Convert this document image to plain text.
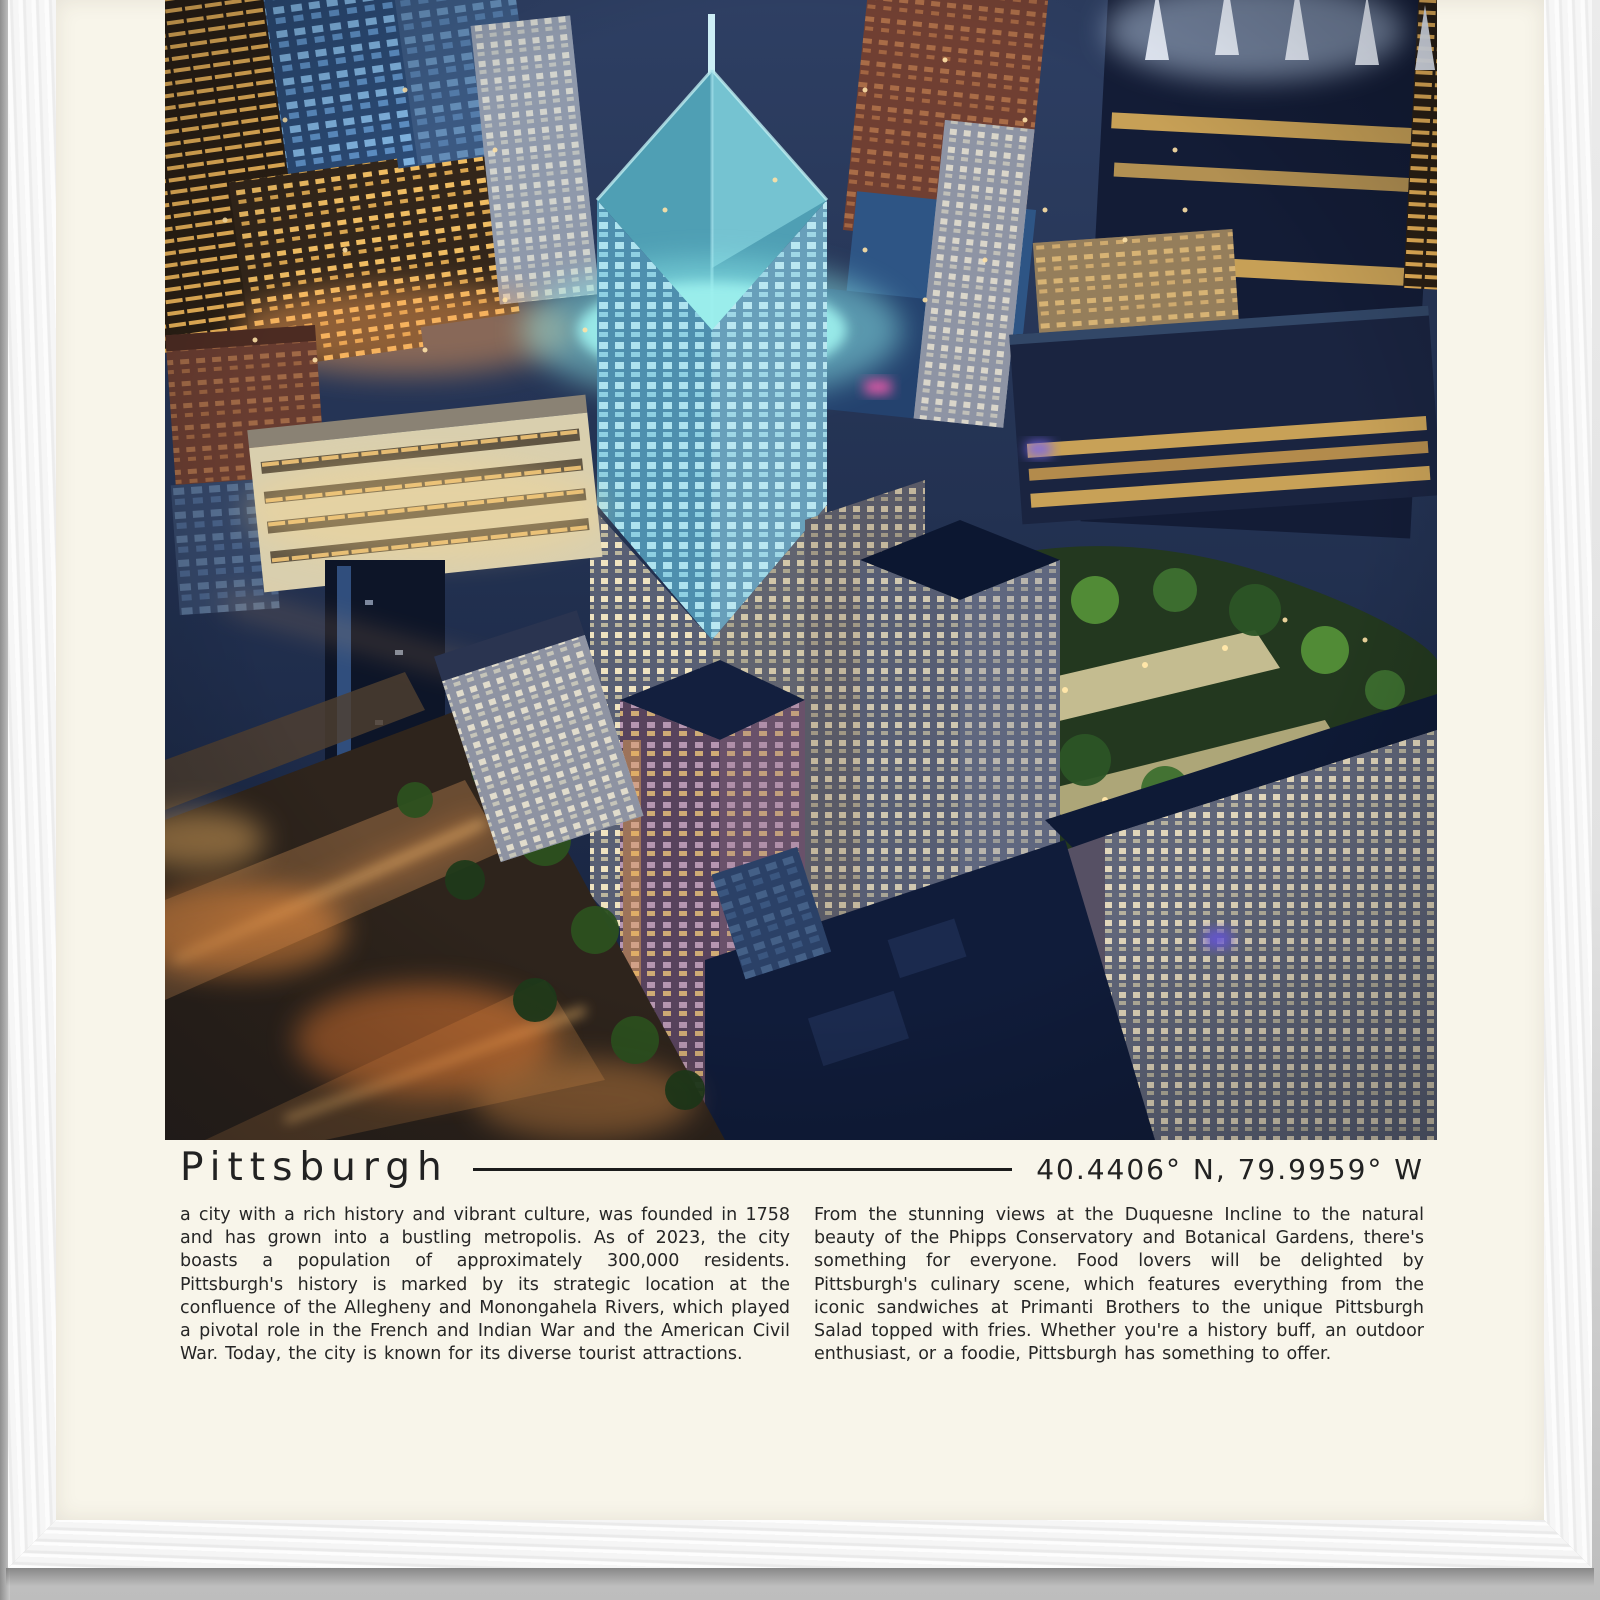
Pittsburgh	40.4406° N, 79.9959° W

a city with a rich history and vibrant culture, was founded in 1758 and has grown into a bustling metropolis. As of 2023, the city boasts a population of approximately 300,000 residents. Pittsburgh's history is marked by its strategic location at the confluence of the Allegheny and Monongahela Rivers, which played a pivotal role in the French and Indian War and the American Civil War. Today, the city is known for its diverse tourist attractions.

From the stunning views at the Duquesne Incline to the natural beauty of the Phipps Conservatory and Botanical Gardens, there's something for everyone. Food lovers will be delighted by Pittsburgh's culinary scene, which features everything from the iconic sandwiches at Primanti Brothers to the unique Pittsburgh Salad topped with fries. Whether you're a history buff, an outdoor enthusiast, or a foodie, Pittsburgh has something to offer.
